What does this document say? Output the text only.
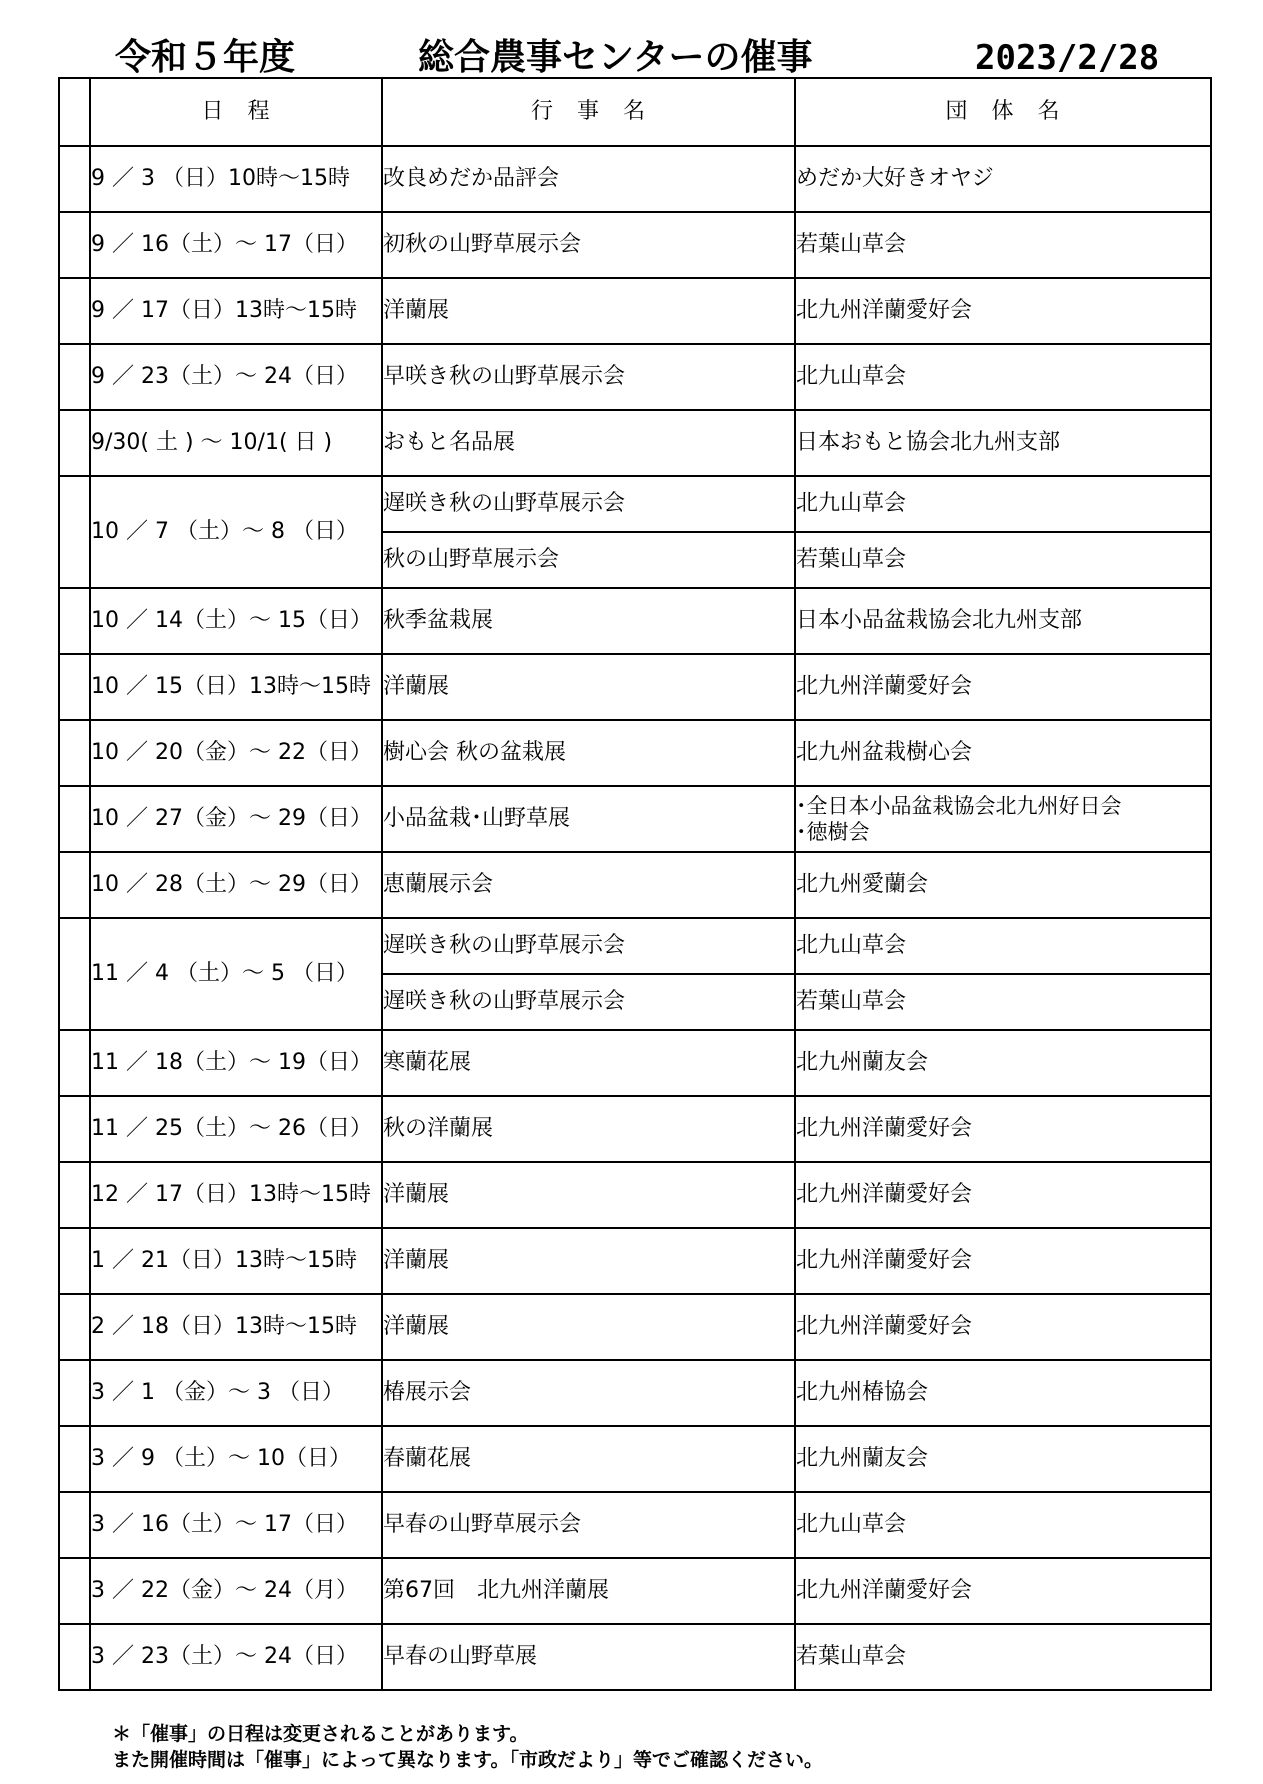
令和５年度	総合農事センターの催事	2023/2/28
	日　程	行　事　名	団　体　名
	9 ／ 3 （日）10時～15時	改良めだか品評会	めだか大好きオヤジ
	9 ／ 16（土）～ 17（日）	初秋の山野草展示会	若葉山草会
	9 ／ 17（日）13時～15時	洋蘭展	北九州洋蘭愛好会
	9 ／ 23（土）～ 24（日）	早咲き秋の山野草展示会	北九山草会
	9/30( 土 ) ～ 10/1( 日 )	おもと名品展	日本おもと協会北九州支部
	10 ／ 7 （土）～ 8 （日）	遅咲き秋の山野草展示会	北九山草会
		秋の山野草展示会	若葉山草会
	10 ／ 14（土）～ 15（日）	秋季盆栽展	日本小品盆栽協会北九州支部
	10 ／ 15（日）13時～15時	洋蘭展	北九州洋蘭愛好会
	10 ／ 20（金）～ 22（日）	樹心会 秋の盆栽展	北九州盆栽樹心会
	10 ／ 27（金）～ 29（日）	小品盆栽･山野草展	･全日本小品盆栽協会北九州好日会
･徳樹会

	10 ／ 28（土）～ 29（日）	恵蘭展示会	北九州愛蘭会
	11 ／ 4 （土）～ 5 （日）	遅咲き秋の山野草展示会	北九山草会
		遅咲き秋の山野草展示会	若葉山草会
	11 ／ 18（土）～ 19（日）	寒蘭花展	北九州蘭友会
	11 ／ 25（土）～ 26（日）	秋の洋蘭展	北九州洋蘭愛好会
	12 ／ 17（日）13時～15時	洋蘭展	北九州洋蘭愛好会
	1 ／ 21（日）13時～15時	洋蘭展	北九州洋蘭愛好会
	2 ／ 18（日）13時～15時	洋蘭展	北九州洋蘭愛好会
	3 ／ 1 （金）～ 3 （日）	椿展示会	北九州椿協会
	3 ／ 9 （土）～ 10（日）	春蘭花展	北九州蘭友会
	3 ／ 16（土）～ 17（日）	早春の山野草展示会	北九山草会
	3 ／ 22（金）～ 24（月）	第67回　北九州洋蘭展	北九州洋蘭愛好会
	3 ／ 23（土）～ 24（日）	早春の山野草展	若葉山草会
＊「催事」の日程は変更されることがあります。
また開催時間は「催事」によって異なります。「市政だより」等でご確認ください。
